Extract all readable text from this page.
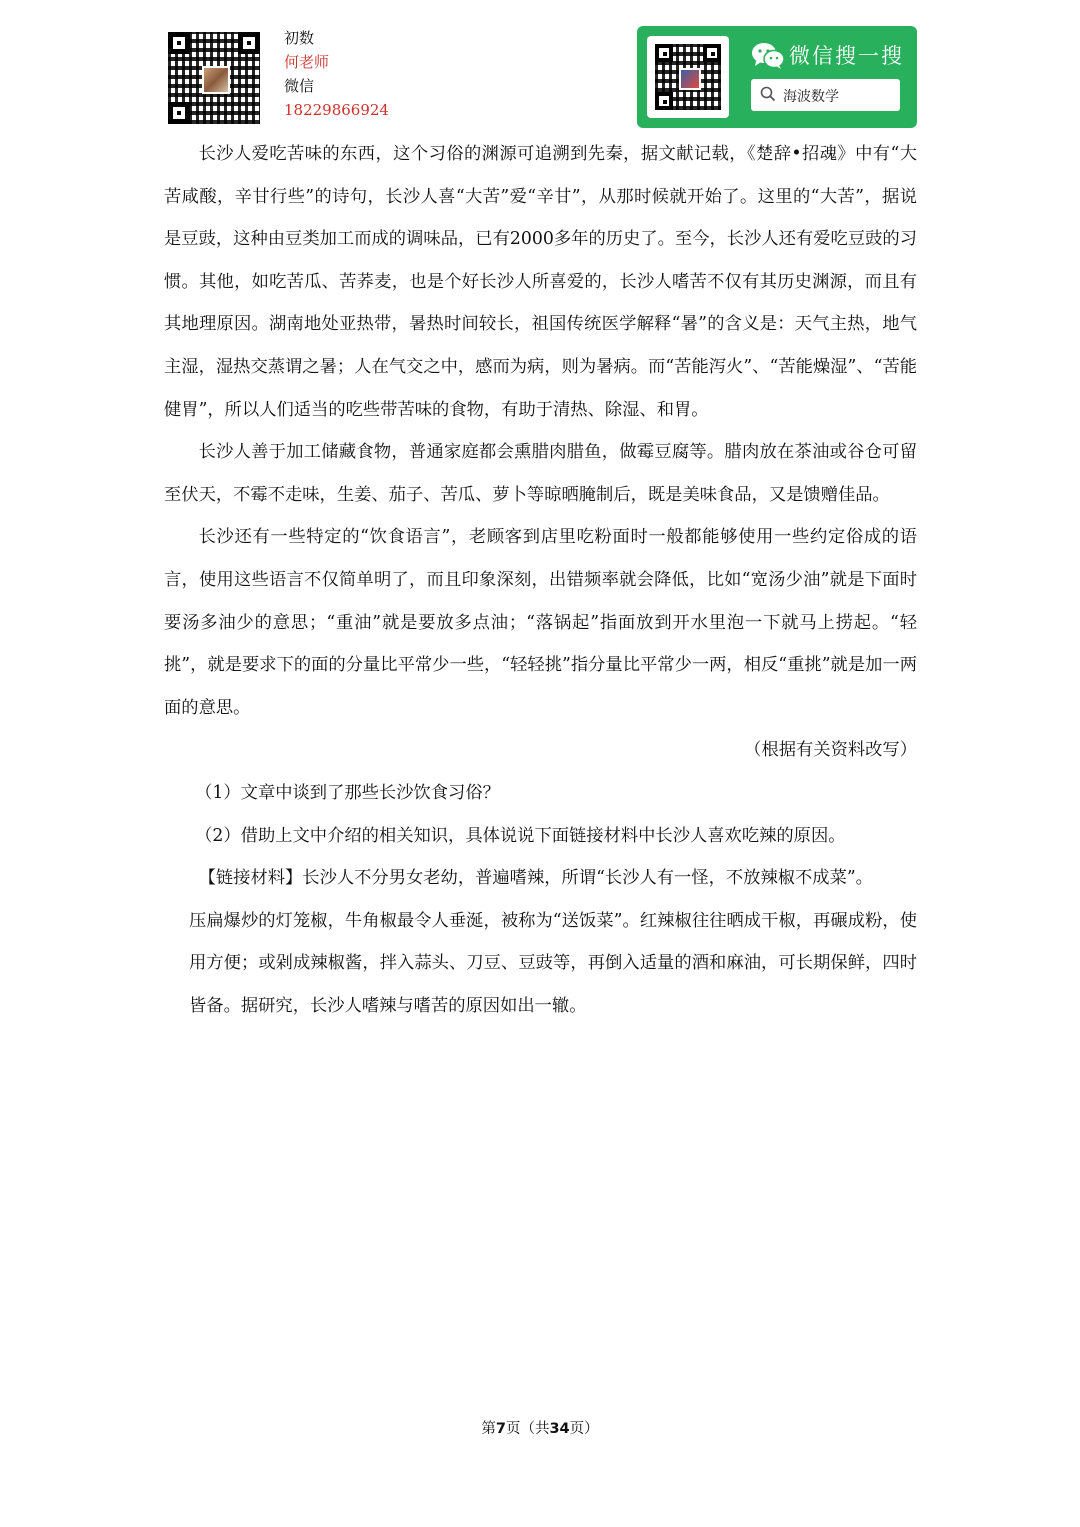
初数
何老师
微信
18229866924
微信搜一搜
海波数学

长沙人爱吃苦味的东西，这个习俗的渊源可追溯到先秦，据文献记载，《楚辞•招魂》中有“大苦咸酸，辛甘行些”的诗句，长沙人喜“大苦”爱“辛甘”，从那时候就开始了。这里的“大苦”，据说是豆豉，这种由豆类加工而成的调味品，已有2000多年的历史了。至今，长沙人还有爱吃豆豉的习惯。其他，如吃苦瓜、苦荞麦，也是个好长沙人所喜爱的，长沙人嗜苦不仅有其历史渊源，而且有其地理原因。湖南地处亚热带，暑热时间较长，祖国传统医学解释“暑”的含义是：天气主热，地气主湿，湿热交蒸谓之暑；人在气交之中，感而为病，则为暑病。而“苦能泻火”、“苦能燥湿”、“苦能健胃”，所以人们适当的吃些带苦味的食物，有助于清热、除湿、和胃。

长沙人善于加工储藏食物，普通家庭都会熏腊肉腊鱼，做霉豆腐等。腊肉放在茶油或谷仓可留至伏天，不霉不走味，生姜、茄子、苦瓜、萝卜等晾晒腌制后，既是美味食品，又是馈赠佳品。

长沙还有一些特定的“饮食语言”，老顾客到店里吃粉面时一般都能够使用一些约定俗成的语言，使用这些语言不仅简单明了，而且印象深刻，出错频率就会降低，比如“宽汤少油”就是下面时要汤多油少的意思；“重油”就是要放多点油；“落锅起”指面放到开水里泡一下就马上捞起。“轻挑”，就是要求下的面的分量比平常少一些，“轻轻挑”指分量比平常少一两，相反“重挑”就是加一两面的意思。

（根据有关资料改写）

（1）文章中谈到了那些长沙饮食习俗？

（2）借助上文中介绍的相关知识，具体说说下面链接材料中长沙人喜欢吃辣的原因。

【链接材料】长沙人不分男女老幼，普遍嗜辣，所谓“长沙人有一怪，不放辣椒不成菜”。
压扁爆炒的灯笼椒，牛角椒最令人垂涎，被称为“送饭菜”。红辣椒往往晒成干椒，再碾成粉，使用方便；或剁成辣椒酱，拌入蒜头、刀豆、豆豉等，再倒入适量的酒和麻油，可长期保鲜，四时皆备。据研究，长沙人嗜辣与嗜苦的原因如出一辙。

第7页（共34页）
